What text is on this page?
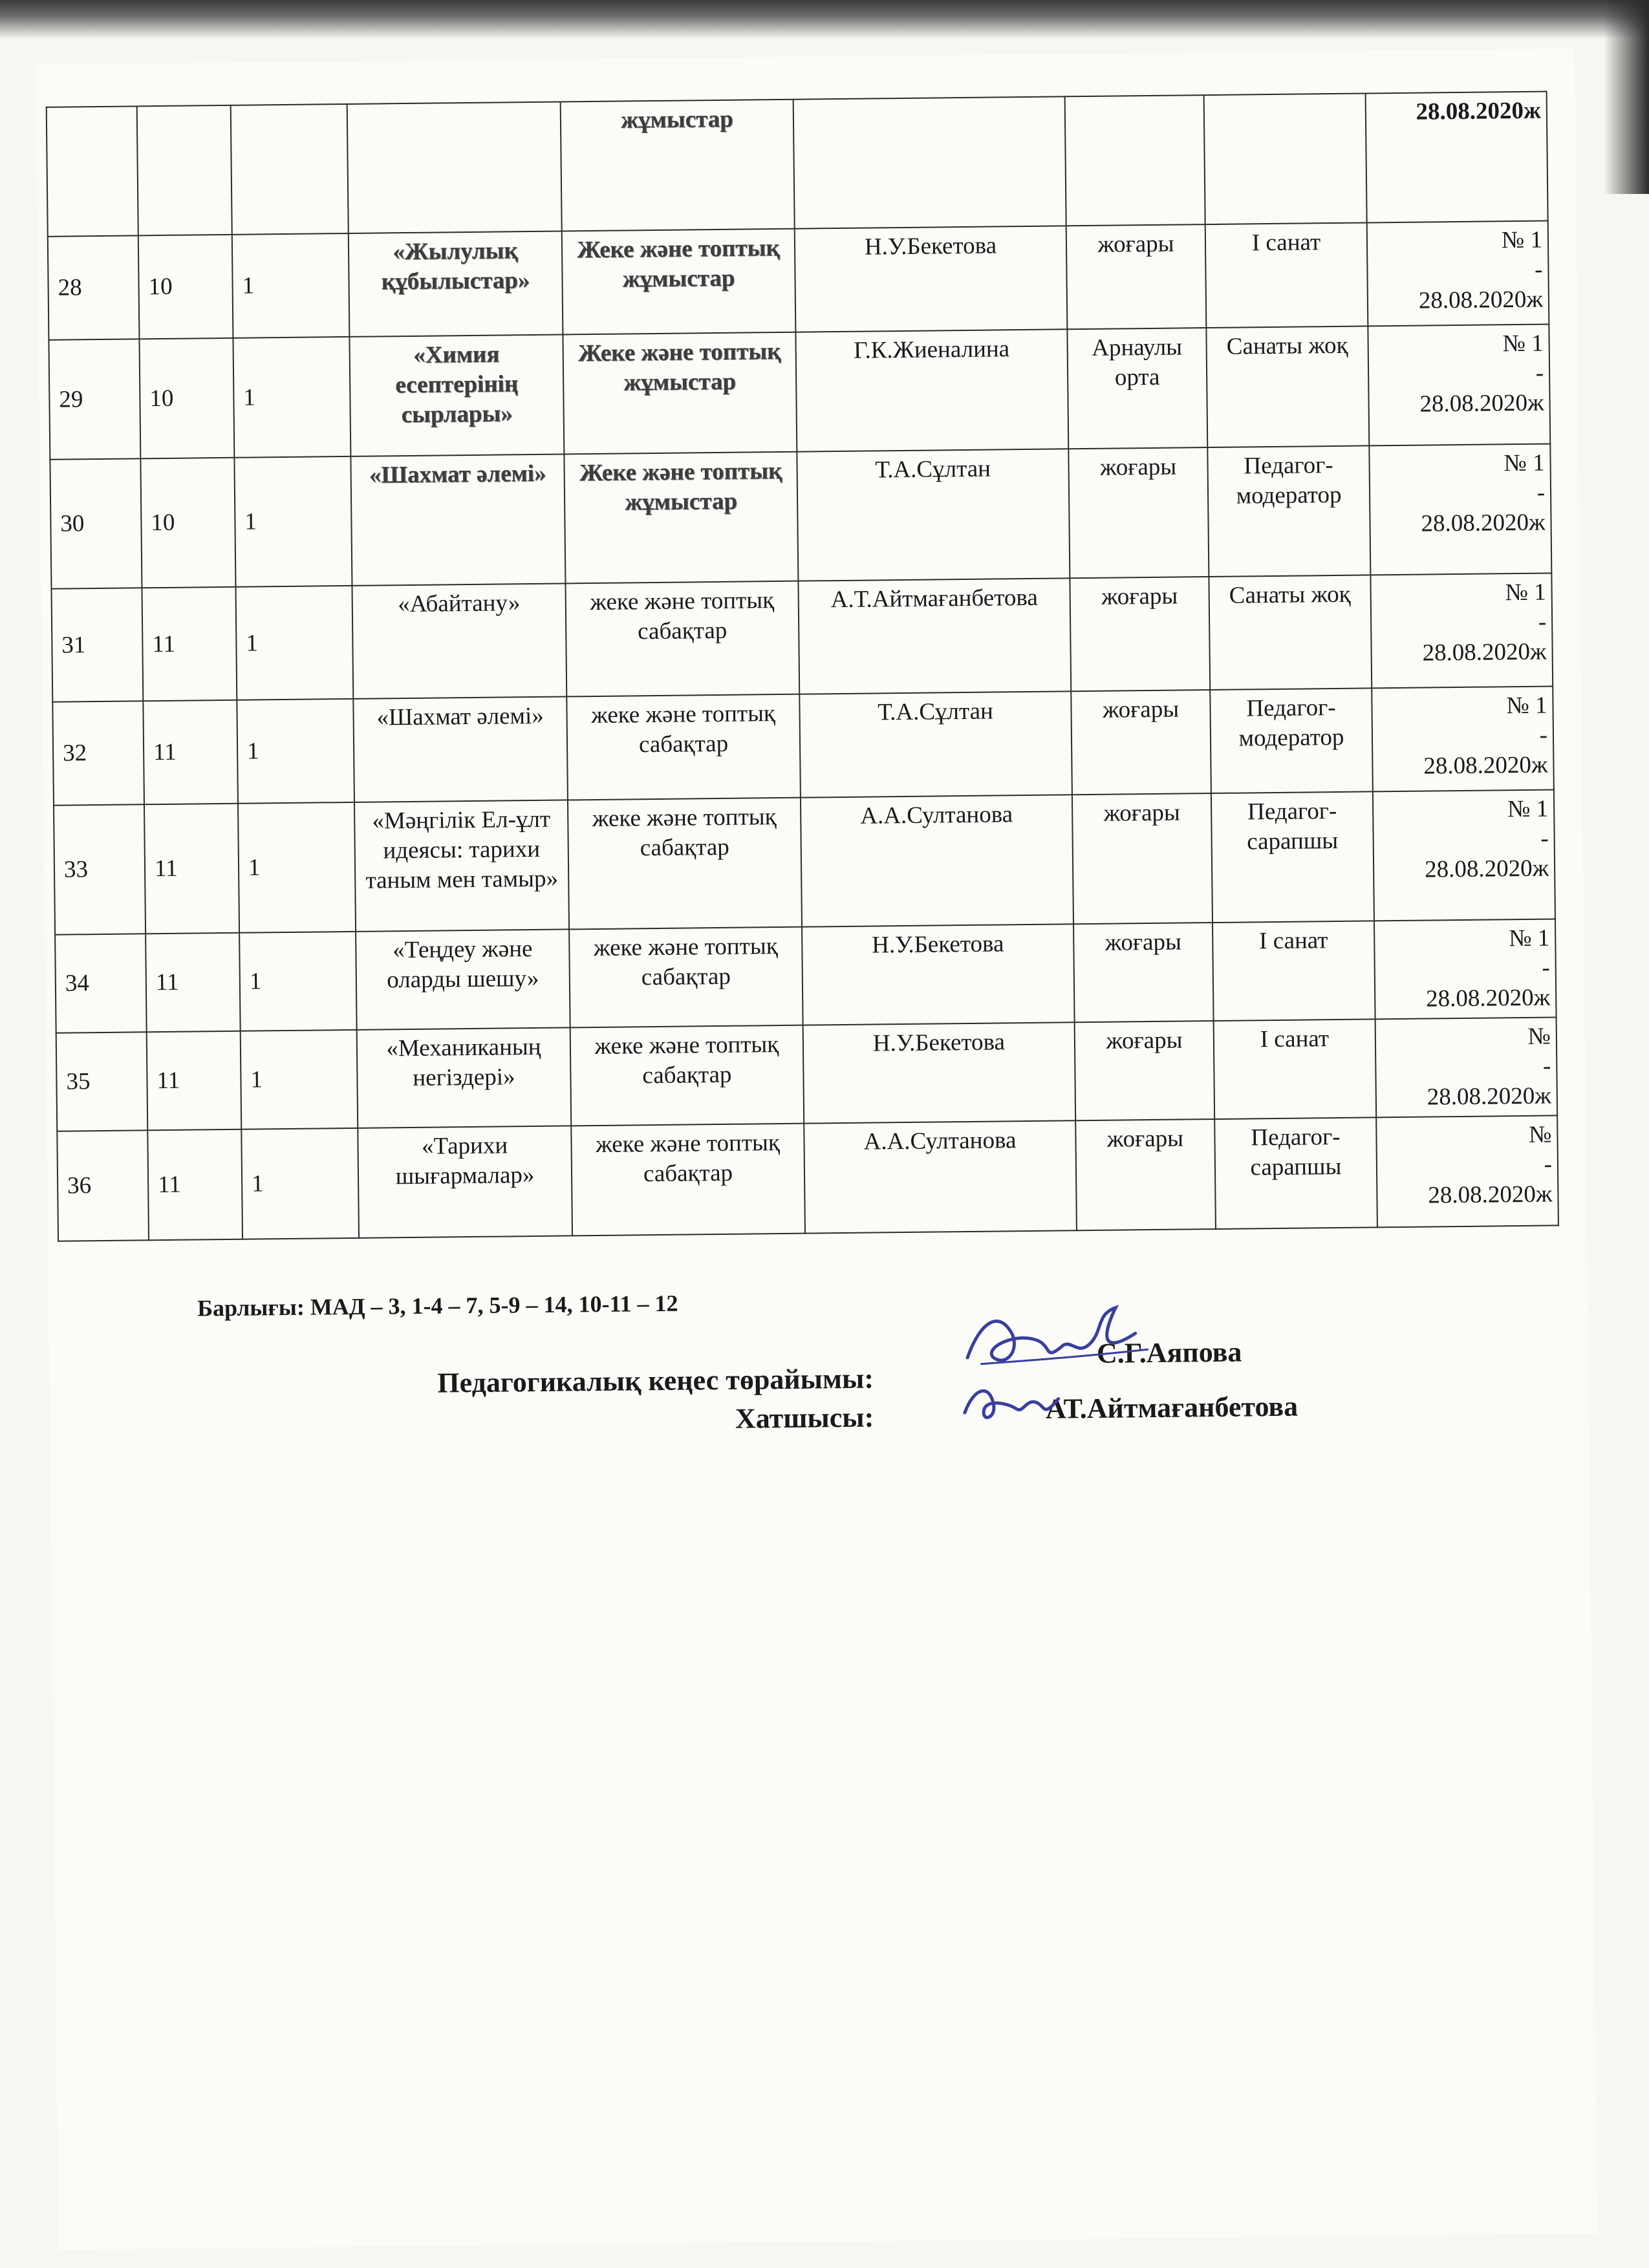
				жұмыстар				28.08.2020ж
28	10	1	«Жылулық құбылыстар»	Жеке және топтық жұмыстар	Н.У.Бекетова	жоғары	І санат	№ 1
-
28.08.2020ж

29	10	1	«Химия есептерінің сырлары»	Жеке және топтық жұмыстар	Г.К.Жиеналина	Арнаулы орта	Санаты жоқ	№ 1
-
28.08.2020ж

30	10	1	«Шахмат әлемі»	Жеке және топтық жұмыстар	Т.А.Сұлтан	жоғары	Педагог-модератор	№ 1
-
28.08.2020ж

31	11	1	«Абайтану»	жеке және топтық сабақтар	А.Т.Айтмағанбетова	жоғары	Санаты жоқ	№ 1
-
28.08.2020ж

32	11	1	«Шахмат әлемі»	жеке және топтық сабақтар	Т.А.Сұлтан	жоғары	Педагог-модератор	№ 1
-
28.08.2020ж

33	11	1	«Мәңгілік Ел-ұлт идеясы: тарихи таным мен тамыр»	жеке және топтық сабақтар	А.А.Султанова	жоғары	Педагог-сарапшы	№ 1
-
28.08.2020ж

34	11	1	«Теңдеу және оларды шешу»	жеке және топтық сабақтар	Н.У.Бекетова	жоғары	І санат	№ 1
-
28.08.2020ж

35	11	1	«Механиканың негіздері»	жеке және топтық сабақтар	Н.У.Бекетова	жоғары	І санат	№
-
28.08.2020ж

36	11	1	«Тарихи шығармалар»	жеке және топтық сабақтар	А.А.Султанова	жоғары	Педагог-сарапшы	№
-
28.08.2020ж
Барлығы: МАД – 3, 1-4 – 7, 5-9 – 14, 10-11 – 12
Педагогикалық кеңес төрайымы:
С.Г.Аяпова
Хатшысы:	АТ.Айтмағанбетова
